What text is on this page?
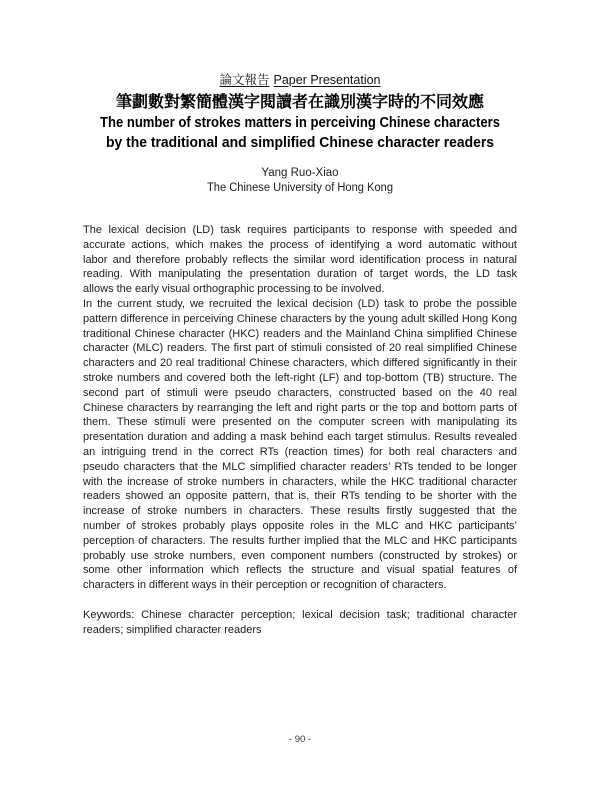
論文報告 Paper Presentation
筆劃數對繁簡體漢字閱讀者在識別漢字時的不同效應
The number of strokes matters in perceiving Chinese characters
by the traditional and simplified Chinese character readers
Yang Ruo-Xiao
The Chinese University of Hong Kong
The lexical decision (LD) task requires participants to response with speeded and
accurate actions, which makes the process of identifying a word automatic without
labor and therefore probably reflects the similar word identification process in natural
reading. With manipulating the presentation duration of target words, the LD task
allows the early visual orthographic processing to be involved.
In the current study, we recruited the lexical decision (LD) task to probe the possible
pattern difference in perceiving Chinese characters by the young adult skilled Hong Kong
traditional Chinese character (HKC) readers and the Mainland China simplified Chinese
character (MLC) readers. The first part of stimuli consisted of 20 real simplified Chinese
characters and 20 real traditional Chinese characters, which differed significantly in their
stroke numbers and covered both the left-right (LF) and top-bottom (TB) structure. The
second part of stimuli were pseudo characters, constructed based on the 40 real
Chinese characters by rearranging the left and right parts or the top and bottom parts of
them. These stimuli were presented on the computer screen with manipulating its
presentation duration and adding a mask behind each target stimulus. Results revealed
an intriguing trend in the correct RTs (reaction times) for both real characters and
pseudo characters that the MLC simplified character readers’ RTs tended to be longer
with the increase of stroke numbers in characters, while the HKC traditional character
readers showed an opposite pattern, that is, their RTs tending to be shorter with the
increase of stroke numbers in characters. These results firstly suggested that the
number of strokes probably plays opposite roles in the MLC and HKC participants’
perception of characters. The results further implied that the MLC and HKC participants
probably use stroke numbers, even component numbers (constructed by strokes) or
some other information which reflects the structure and visual spatial features of
characters in different ways in their perception or recognition of characters.
Keywords: Chinese character perception; lexical decision task; traditional character
readers; simplified character readers
- 90 -
